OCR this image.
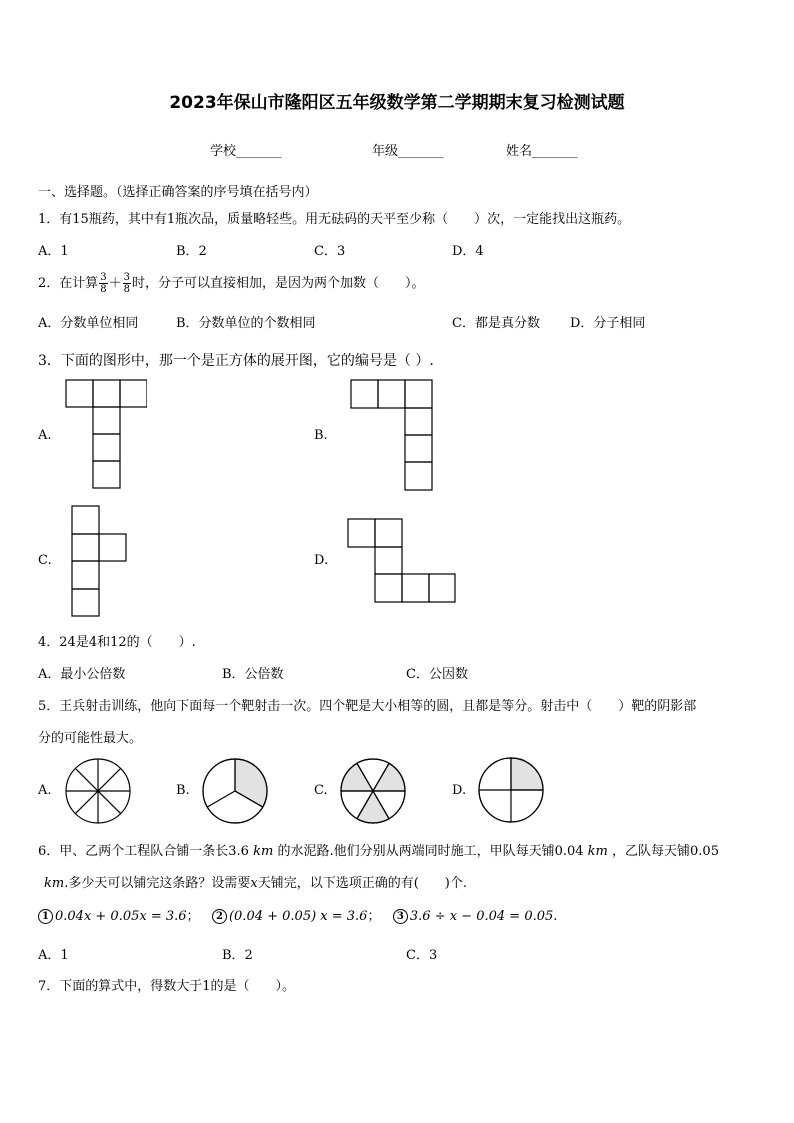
2023年保山市隆阳区五年级数学第二学期期末复习检测试题
学校_______	年级_______	姓名_______
一、选择题。（选择正确答案的序号填在括号内）
1．有15瓶药，其中有1瓶次品，质量略轻些。用无砝码的天平至少称（　　）次，一定能找出这瓶药。
A．1	B．2	C．3	D．4
2．在计算 $\frac{3}{8} + \frac{3}{8}$ 时，分子可以直接相加，是因为两个加数（　　）。
A．分数单位相同	B．分数单位的个数相同	C．都是真分数 D．分子相同
3．下面的图形中，那一个是正方体的展开图，它的编号是（ ）.
A.	B.
C.	D.
4．24是4和12的（　　）.
A．最小公倍数	B．公倍数	C．公因数
5．王兵射击训练，他向下面每一个靶射击一次。四个靶是大小相等的圆，且都是等分。射击中（　　）靶的阴影部
分的可能性最大。
A.	B.	C.	D.
6．甲、乙两个工程队合铺一条长3.6 km 的水泥路.他们分别从两端同时施工，甲队每天铺0.04 km ，乙队每天铺0.05
km.多少天可以铺完这条路？设需要x天铺完，以下选项正确的有(　　)个.
1 0.04x + 0.05x = 3.6； 2 (0.04 + 0.05) x = 3.6； 3 3.6 ÷ x − 0.04 = 0.05.
A．1	B．2	C．3
7．下面的算式中，得数大于1的是（　　）。
